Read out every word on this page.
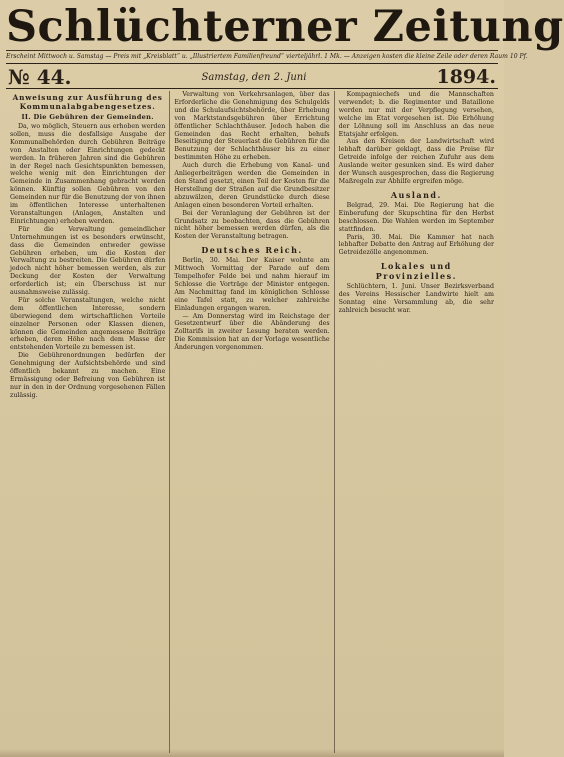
Schlüchterner Zeitung
Erscheint Mittwoch u. Samstag — Preis mit „Kreisblatt“ u. „Illustriertem Familienfreund“ vierteljährl. 1 Mk. — Anzeigen kosten die kleine Zeile oder deren Raum 10 Pf.
№ 44.	Samstag, den 2. Juni	1894.
Anweisung zur Ausführung des Kommunalabgabengesetzes.
II. Die Gebühren der Gemeinden.

Da, wo möglich, Steuern aus erhoben werden sollen, muss die desfallsige Ausgabe der Kommunalbehörden durch Gebühren Beiträge von Anstalten oder Einrichtungen gedeckt werden. In früheren Jahren sind die Gebühren in der Regel nach Gesichtspunkten bemessen, welche wenig mit den Einrichtungen der Gemeinde in Zusammenhang gebracht werden können. Künftig sollen Gebühren von den Gemeinden nur für die Benutzung der von ihnen im öffentlichen Interesse unterhaltenen Veranstaltungen (Anlagen, Anstalten und Einrichtungen) erhoben werden.

Für die Verwaltung gemeindlicher Unternehmungen ist es besonders erwünscht, dass die Gemeinden entweder gewisse Gebühren erheben, um die Kosten der Verwaltung zu bestreiten. Die Gebühren dürfen jedoch nicht höher bemessen werden, als zur Deckung der Kosten der Verwaltung erforderlich ist; ein Überschuss ist nur ausnahmsweise zulässig.

Für solche Veranstaltungen, welche nicht dem öffentlichen Interesse, sondern überwiegend dem wirtschaftlichen Vorteile einzelner Personen oder Klassen dienen, können die Gemeinden angemessene Beiträge erheben, deren Höhe nach dem Masse der entstehenden Vorteile zu bemessen ist.

Die Gebührenordnungen bedürfen der Genehmigung der Aufsichtsbehörde und sind öffentlich bekannt zu machen. Eine Ermässigung oder Befreiung von Gebühren ist nur in den in der Ordnung vorgesehenen Fällen zulässig.

Verwaltung von Verkehrsanlagen, über das Erforderliche die Genehmigung des Schulgelds und die Schulaufsichtsbehörde, über Erhebung von Marktstandsgebühren über Errichtung öffentlicher Schlachthäuser. Jedoch haben die Gemeinden das Recht erhalten, behufs Beseitigung der Steuerlast die Gebühren für die Benutzung der Schlachthäuser bis zu einer bestimmten Höhe zu erheben.

Auch durch die Erhebung von Kanal- und Anliegerbeiträgen werden die Gemeinden in den Stand gesetzt, einen Teil der Kosten für die Herstellung der Straßen auf die Grundbesitzer abzuwälzen, deren Grundstücke durch diese Anlagen einen besonderen Vorteil erhalten.

Bei der Veranlagung der Gebühren ist der Grundsatz zu beobachten, dass die Gebühren nicht höher bemessen werden dürfen, als die Kosten der Veranstaltung betragen.

Deutsches Reich.

Berlin, 30. Mai. Der Kaiser wohnte am Mittwoch Vormittag der Parade auf dem Tempelhofer Felde bei und nahm hierauf im Schlosse die Vorträge der Minister entgegen. Am Nachmittag fand im königlichen Schlosse eine Tafel statt, zu welcher zahlreiche Einladungen ergangen waren.

— Am Donnerstag wird im Reichstage der Gesetzentwurf über die Abänderung des Zolltarifs in zweiter Lesung beraten werden. Die Kommission hat an der Vorlage wesentliche Änderungen vorgenommen.

Kompagniechefs und die Mannschaften verwendet; b. die Regimenter und Bataillone werden nur mit der Verpflegung versehen, welche im Etat vorgesehen ist. Die Erhöhung der Löhnung soll im Anschluss an das neue Etatsjahr erfolgen.

Aus den Kreisen der Landwirtschaft wird lebhaft darüber geklagt, dass die Preise für Getreide infolge der reichen Zufuhr aus dem Auslande weiter gesunken sind. Es wird daher der Wunsch ausgesprochen, dass die Regierung Maßregeln zur Abhilfe ergreifen möge.

Ausland.

Belgrad, 29. Mai. Die Regierung hat die Einberufung der Skupschtina für den Herbst beschlossen. Die Wahlen werden im September stattfinden.

Paris, 30. Mai. Die Kammer hat nach lebhafter Debatte den Antrag auf Erhöhung der Getreidezölle angenommen.

Lokales und Provinzielles.

Schlüchtern, 1. Juni. Unser Bezirksverband des Vereins Hessischer Landwirte hielt am Sonntag eine Versammlung ab, die sehr zahlreich besucht war.
